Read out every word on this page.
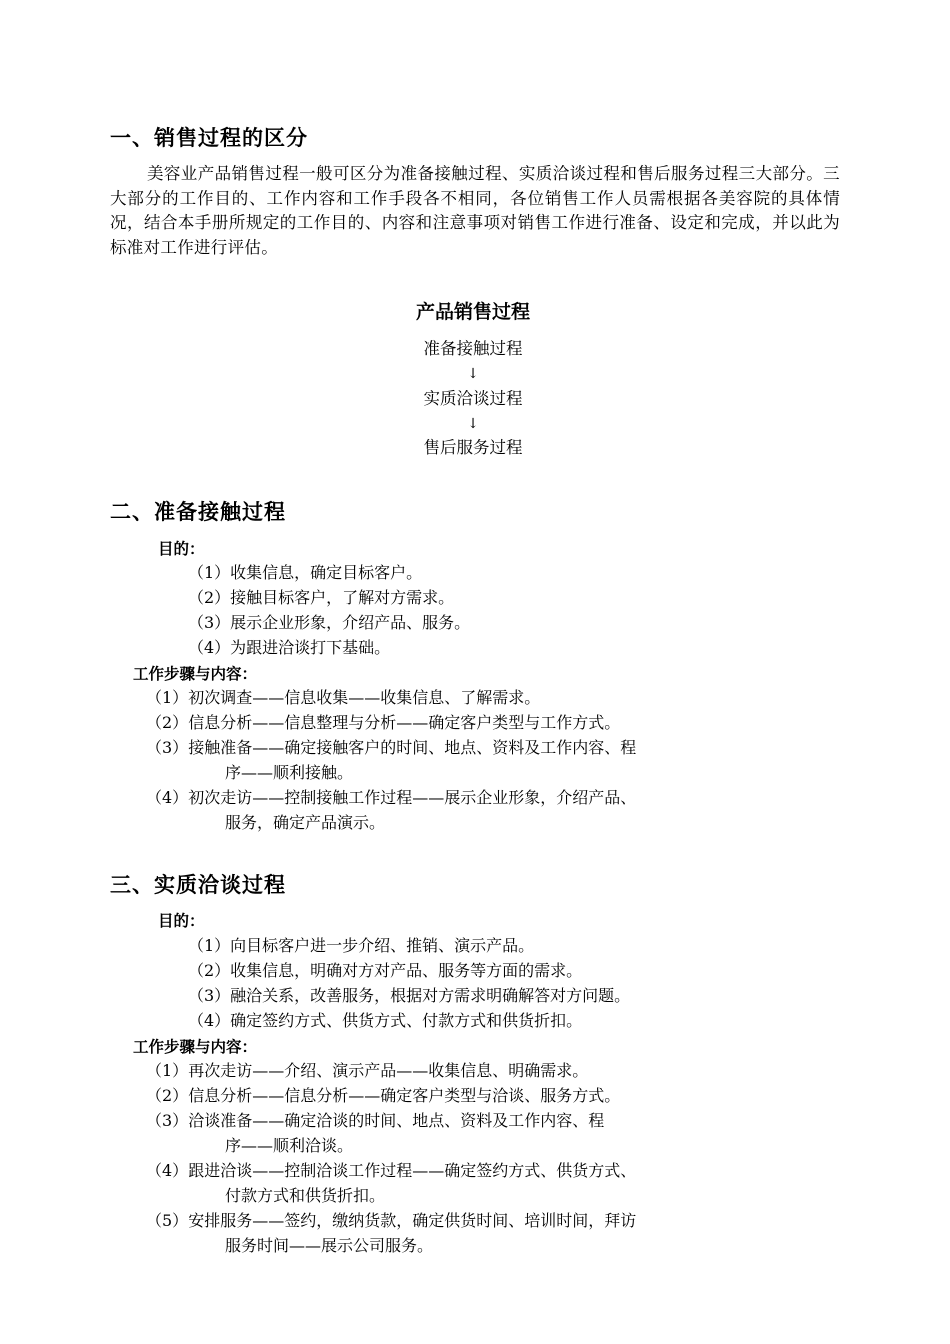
一、销售过程的区分
美容业产品销售过程一般可区分为准备接触过程、实质洽谈过程和售后服务过程三大部分。三大部分的工作目的、工作内容和工作手段各不相同，各位销售工作人员需根据各美容院的具体情况，结合本手册所规定的工作目的、内容和注意事项对销售工作进行准备、设定和完成，并以此为标准对工作进行评估。
产品销售过程
准备接触过程
↓
实质洽谈过程
↓
售后服务过程
二、准备接触过程
目的：
（1）收集信息，确定目标客户。
（2）接触目标客户，了解对方需求。
（3）展示企业形象，介绍产品、服务。
（4）为跟进洽谈打下基础。
工作步骤与内容：
（1）初次调查——信息收集——收集信息、了解需求。
（2）信息分析——信息整理与分析——确定客户类型与工作方式。
（3）接触准备——确定接触客户的时间、地点、资料及工作内容、程
序——顺利接触。
（4）初次走访——控制接触工作过程——展示企业形象，介绍产品、
服务，确定产品演示。
三、实质洽谈过程
目的：
（1）向目标客户进一步介绍、推销、演示产品。
（2）收集信息，明确对方对产品、服务等方面的需求。
（3）融洽关系，改善服务，根据对方需求明确解答对方问题。
（4）确定签约方式、供货方式、付款方式和供货折扣。
工作步骤与内容：
（1）再次走访——介绍、演示产品——收集信息、明确需求。
（2）信息分析——信息分析——确定客户类型与洽谈、服务方式。
（3）洽谈准备——确定洽谈的时间、地点、资料及工作内容、程
序——顺利洽谈。
（4）跟进洽谈——控制洽谈工作过程——确定签约方式、供货方式、
付款方式和供货折扣。
（5）安排服务——签约，缴纳货款，确定供货时间、培训时间，拜访
服务时间——展示公司服务。
